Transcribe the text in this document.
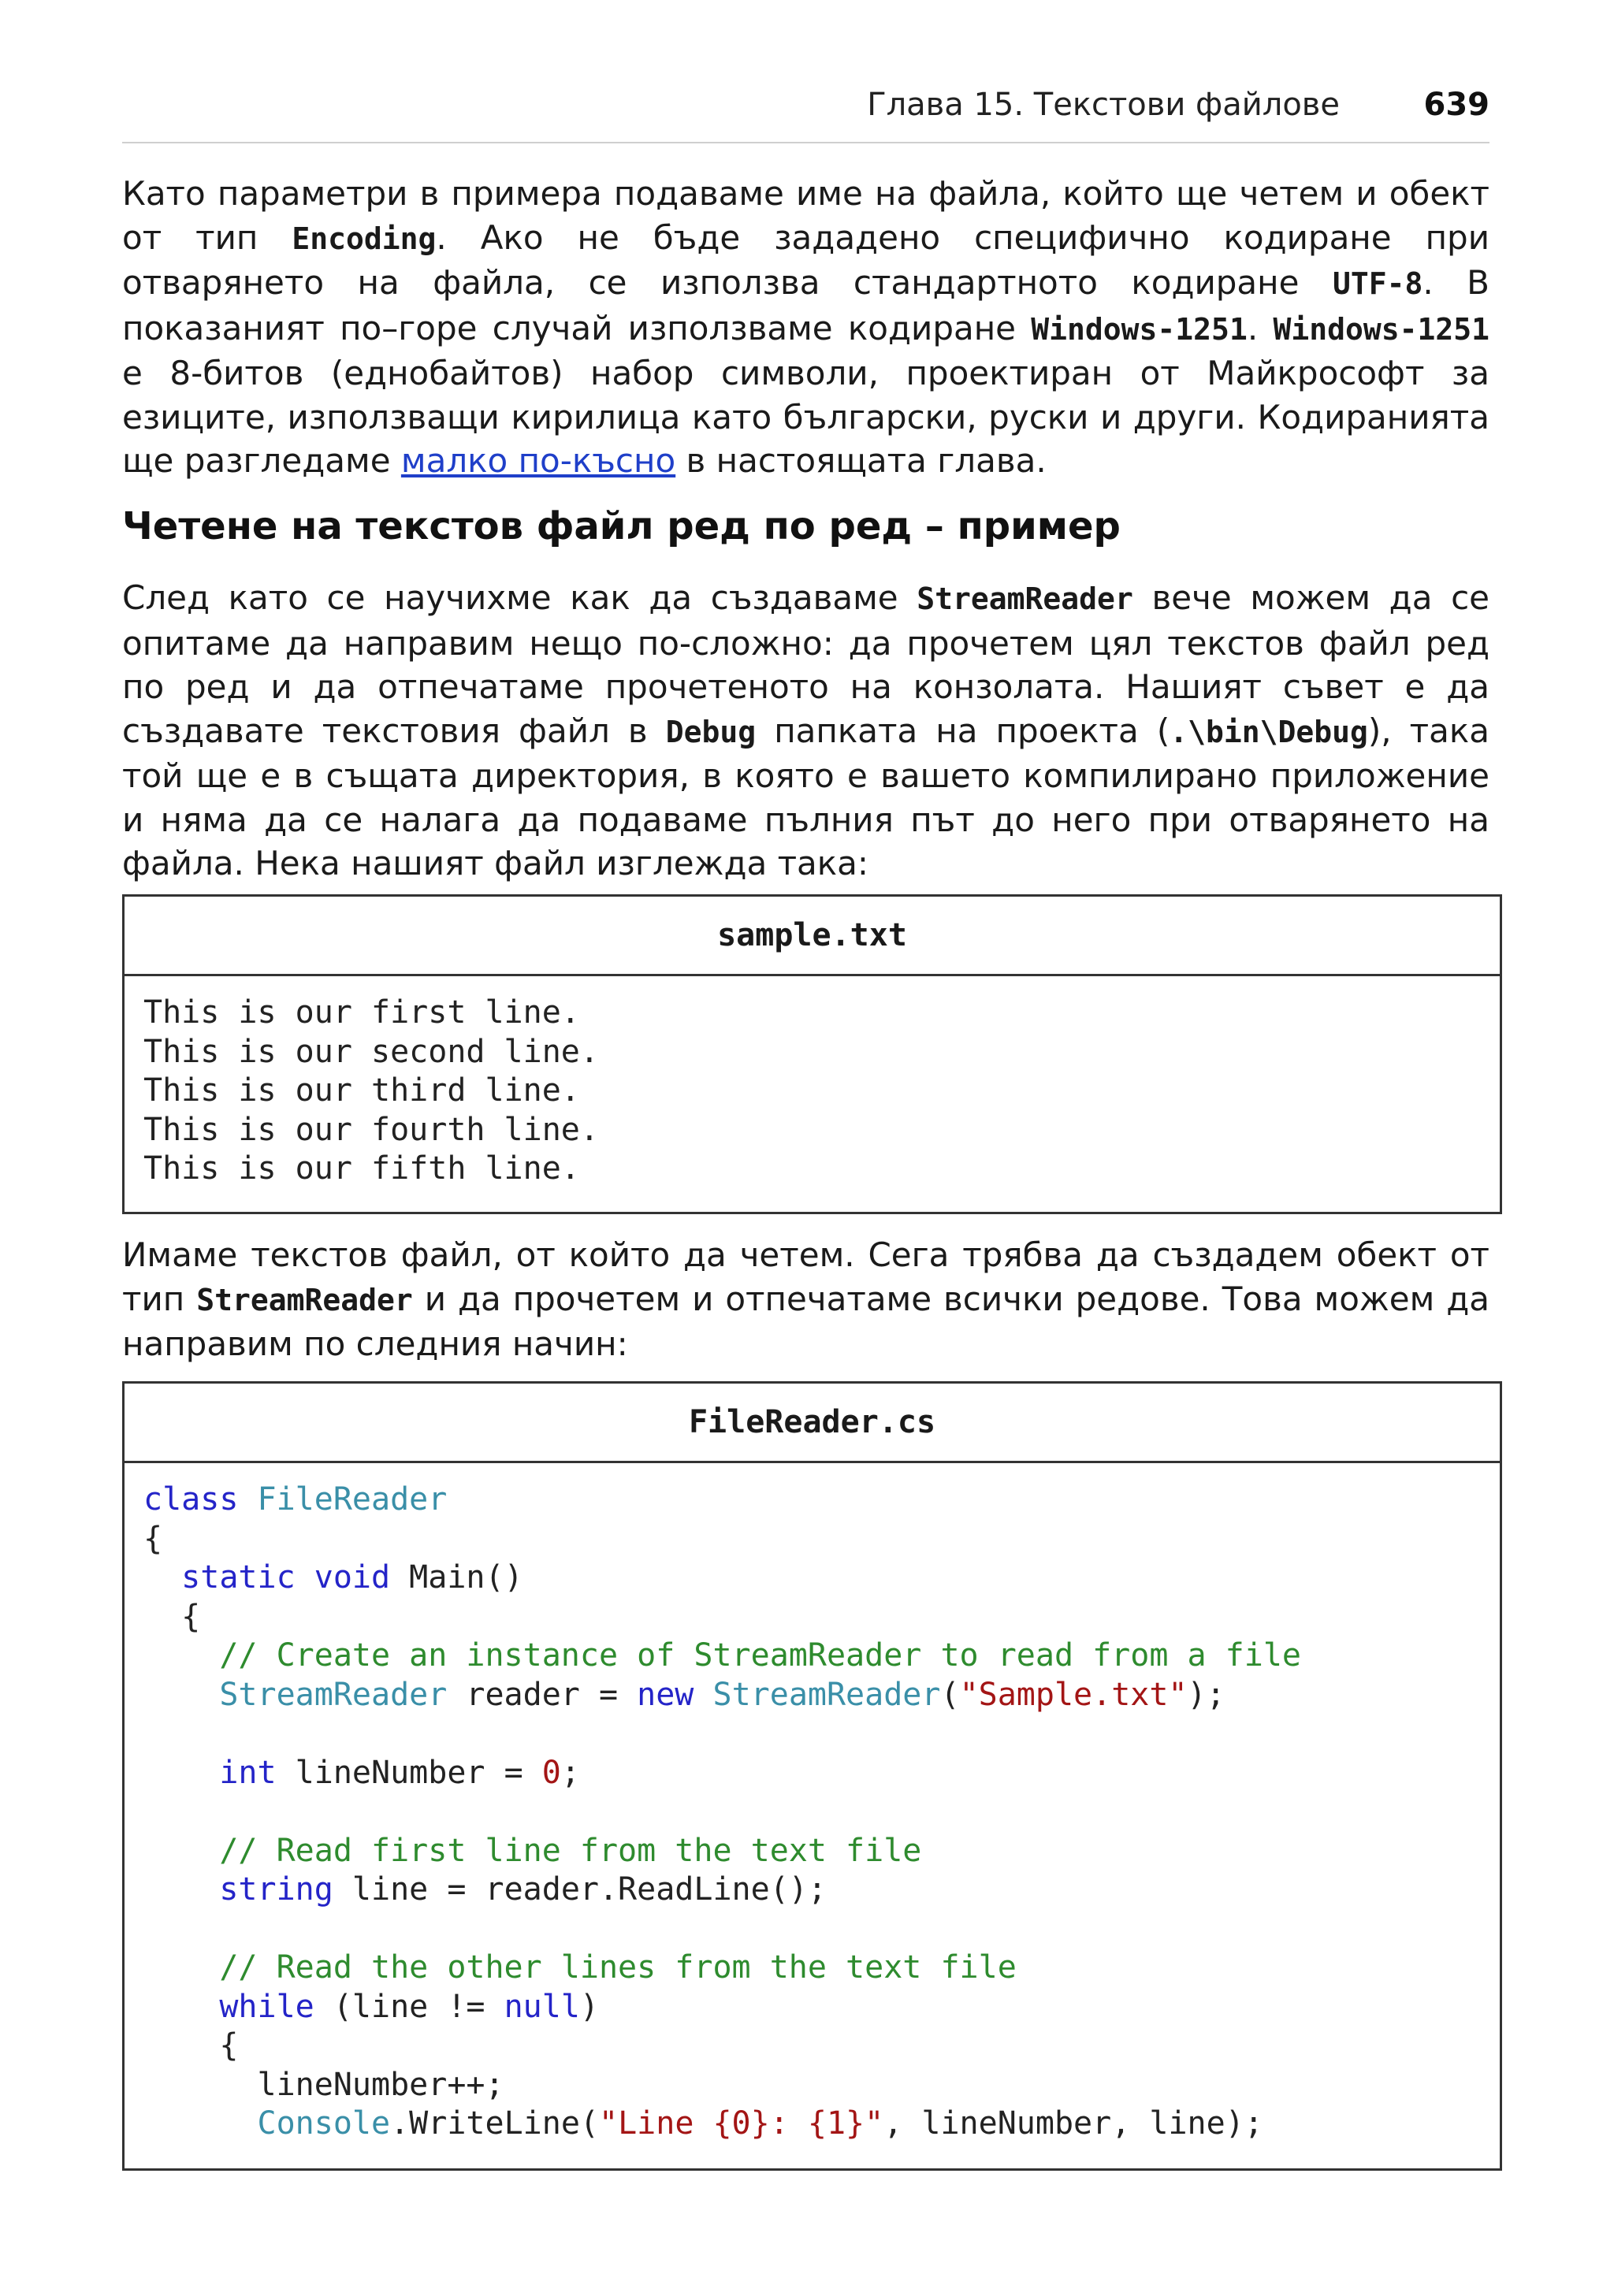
Глава 15. Текстови файлове	639
Като параметри в примера подаваме име на файла, който ще четем и обект от тип Encoding. Ако не бъде зададено специфично кодиране при отварянето на файла, се използва стандартното кодиране UTF-8. В показаният по–горе случай използваме кодиране Windows-1251. Windows-1251 е 8-битов (еднобайтов) набор символи, проектиран от Майкрософт за езиците, използващи кирилица като български, руски и други. Кодиранията ще разгледаме малко по-късно в настоящата глава.
Четене на текстов файл ред по ред – пример
След като се научихме как да създаваме StreamReader вече можем да се опитаме да направим нещо по-сложно: да прочетем цял текстов файл ред по ред и да отпечатаме прочетеното на конзолата. Нашият съвет е да създавате текстовия файл в Debug папката на проекта (.\bin\Debug), така той ще е в същата директория, в която е вашето компилирано приложение и няма да се налага да подаваме пълния път до него при отварянето на файла. Нека нашият файл изглежда така:
sample.txt
This is our first line.
This is our second line.
This is our third line.
This is our fourth line.
This is our fifth line.
Имаме текстов файл, от който да четем. Сега трябва да създадем обект от тип StreamReader и да прочетем и отпечатаме всички редове. Това можем да направим по следния начин:
FileReader.cs
class FileReader
{
static void Main()
{
// Create an instance of StreamReader to read from a file
StreamReader reader = new StreamReader("Sample.txt");

int lineNumber = 0;

// Read first line from the text file
string line = reader.ReadLine();

// Read the other lines from the text file
while (line != null)
{
lineNumber++;
Console.WriteLine("Line {0}: {1}", lineNumber, line);
